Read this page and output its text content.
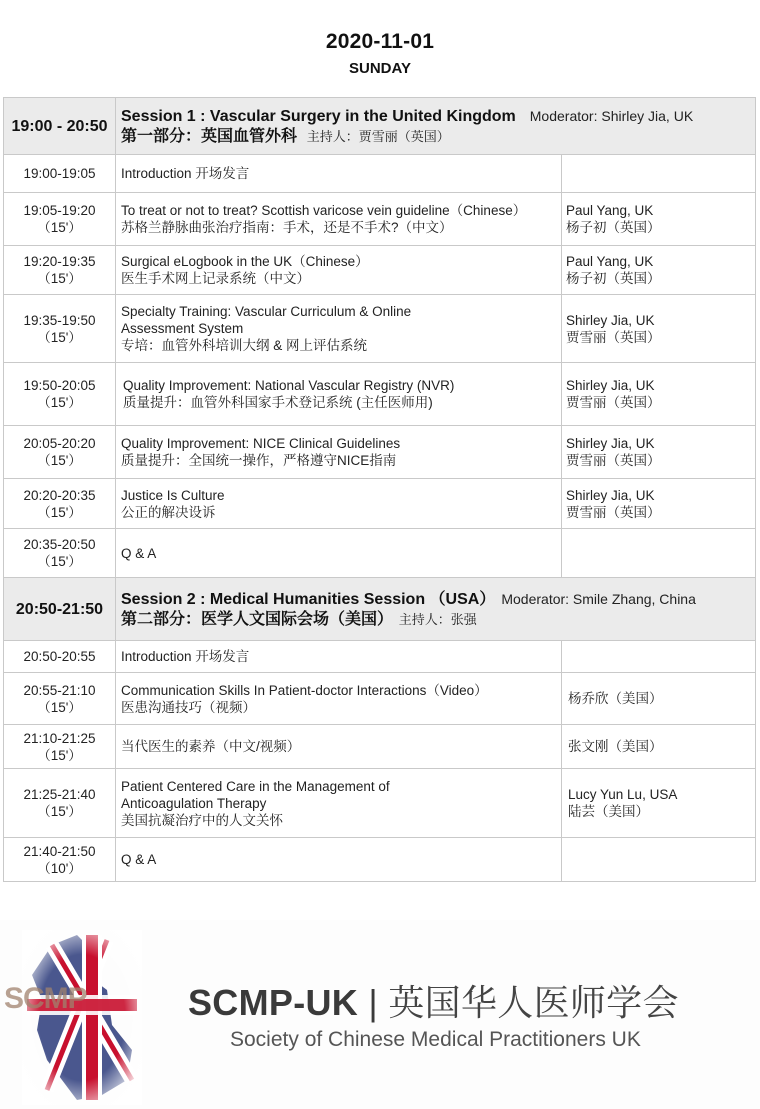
2020-11-01
SUNDAY
19:00 - 20:50	Session 1 : Vascular Surgery in the United Kingdom Moderator: Shirley Jia, UK
第一部分：英国血管外科 主持人：贾雪丽（英国）	

19:00-19:05	Introduction 开场发言	

19:05-19:20
（15'）	To treat or not to treat? Scottish varicose vein guideline（Chinese）
苏格兰静脉曲张治疗指南：手术，还是不手术?（中文）	Paul Yang, UK
杨子初（英国）

19:20-19:35
（15'）	Surgical eLogbook in the UK（Chinese）
医生手术网上记录系统（中文）	Paul Yang, UK
杨子初（英国）

19:35-19:50
（15'）	Specialty Training: Vascular Curriculum & Online Assessment System
专培：血管外科培训大纲 & 网上评估系统	Shirley Jia, UK
贾雪丽（英国）

19:50-20:05
（15'）	Quality Improvement: National Vascular Registry (NVR)
质量提升：血管外科国家手术登记系统 (主任医师用)	Shirley Jia, UK
贾雪丽（英国）

20:05-20:20
（15'）	Quality Improvement: NICE Clinical Guidelines
质量提升：全国统一操作，严格遵守NICE指南	Shirley Jia, UK
贾雪丽（英国）

20:20-20:35
（15'）	Justice Is Culture
公正的解决设诉	Shirley Jia, UK
贾雪丽（英国）

20:35-20:50
（15'）	Q & A	

20:50-21:50	Session 2 : Medical Humanities Session （USA） Moderator: Smile Zhang, China
第二部分：医学人文国际会场（美国） 主持人：张强	

20:50-20:55	Introduction 开场发言	

20:55-21:10
（15'）	Communication Skills In Patient-doctor Interactions（Video）
医患沟通技巧（视频）	杨乔欣（美国）

21:10-21:25
（15'）	当代医生的素养（中文/视频）	张文刚（美国）

21:25-21:40
（15'）	Patient Centered Care in the Management of Anticoagulation Therapy
美国抗凝治疗中的人文关怀	Lucy Yun Lu, USA
陆芸（美国）

21:40-21:50
（10'）	Q & A	

SCMP	SCMP-UK | 英国华人医师学会
Society of Chinese Medical Practitioners UK
